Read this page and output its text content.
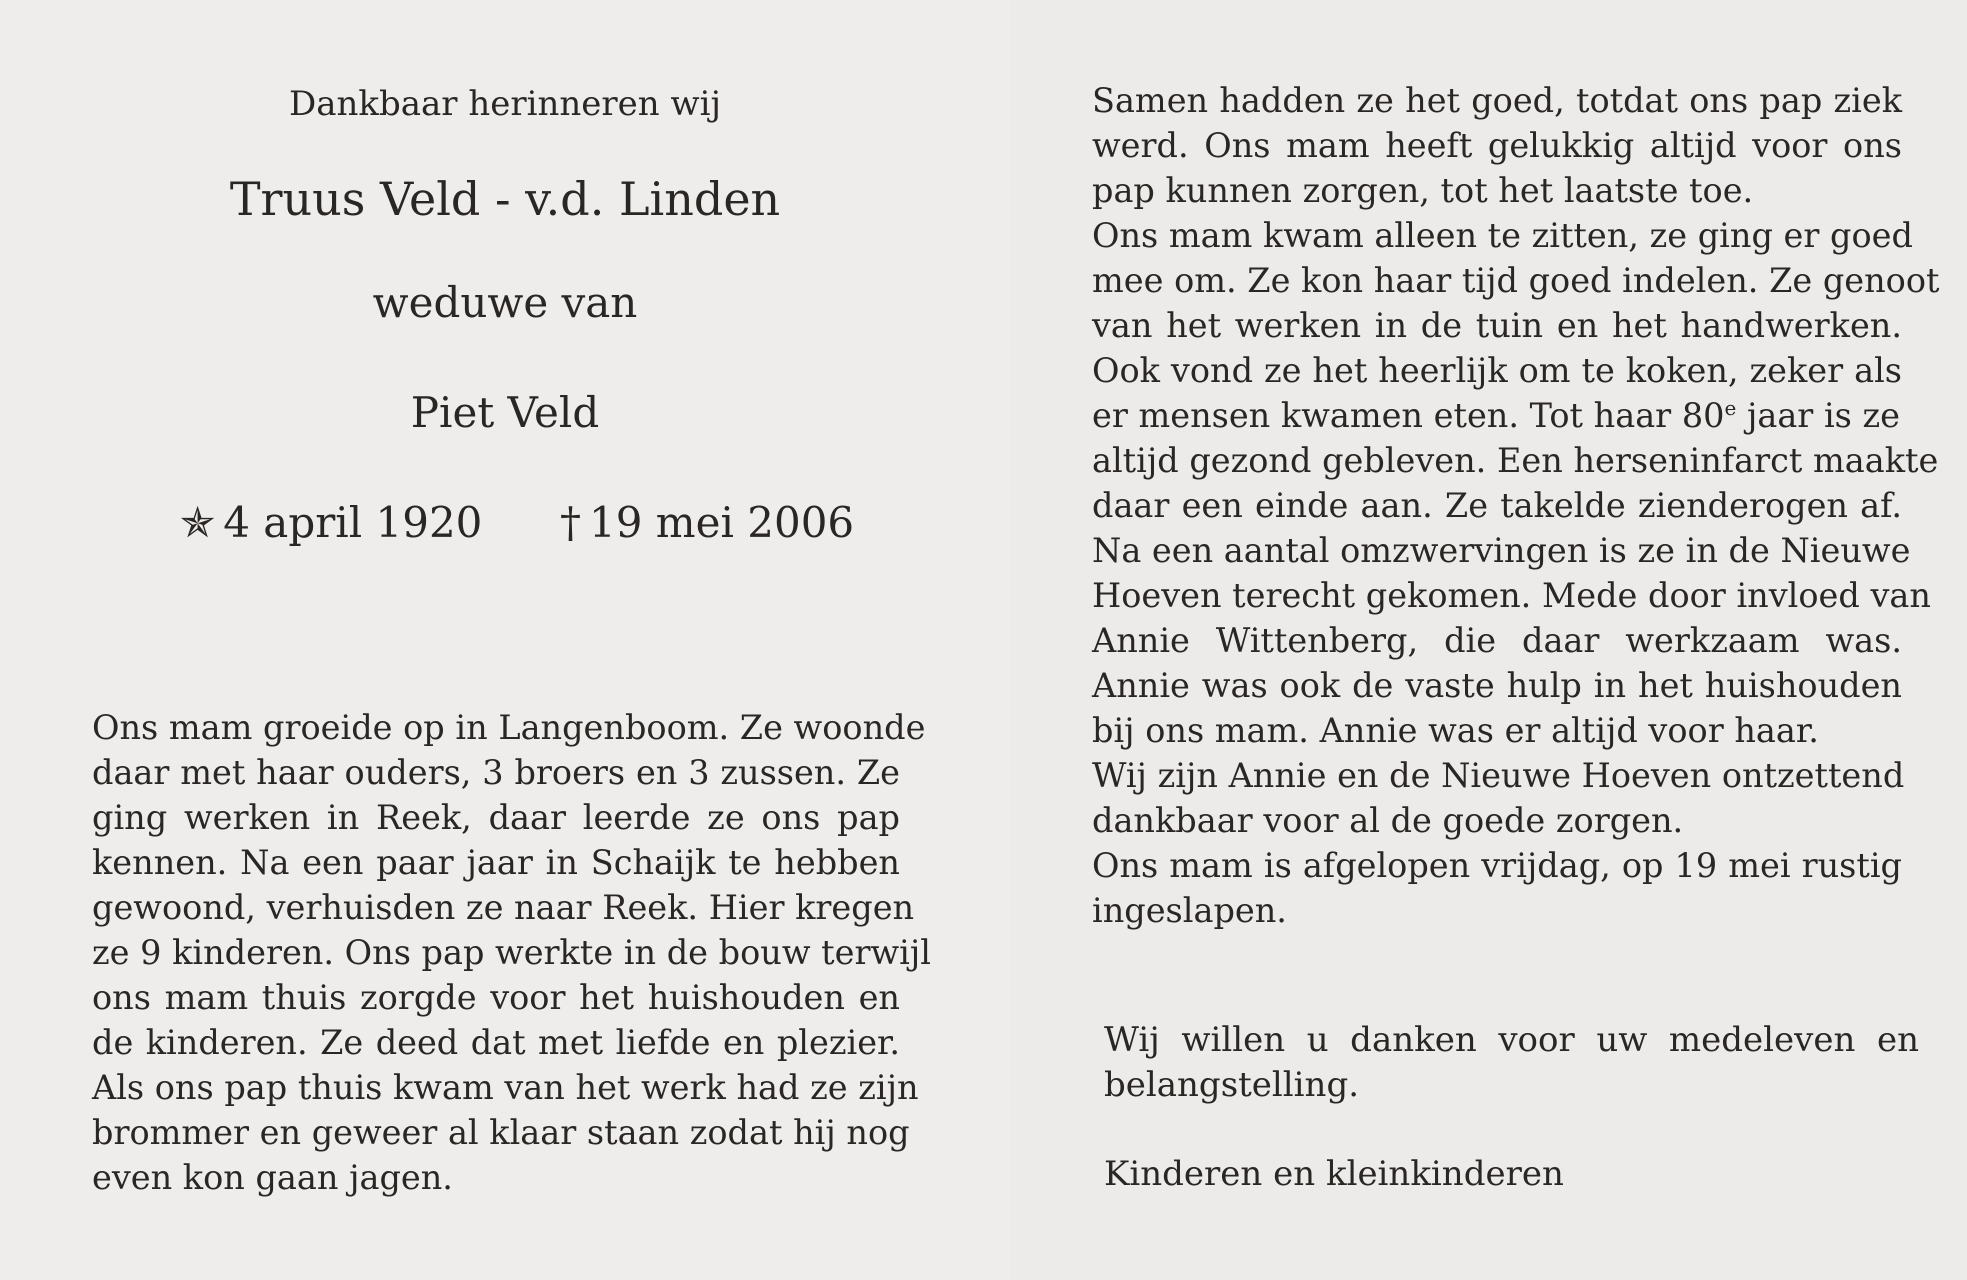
Dankbaar herinneren wij
Truus Veld - v.d. Linden
weduwe van
Piet Veld
✯ 4 april 1920 † 19 mei 2006
Ons mam groeide op in Langenboom. Ze woonde
daar met haar ouders, 3 broers en 3 zussen. Ze
ging werken in Reek, daar leerde ze ons pap
kennen. Na een paar jaar in Schaijk te hebben
gewoond, verhuisden ze naar Reek. Hier kregen
ze 9 kinderen. Ons pap werkte in de bouw terwijl
ons mam thuis zorgde voor het huishouden en
de kinderen. Ze deed dat met liefde en plezier.
Als ons pap thuis kwam van het werk had ze zijn
brommer en geweer al klaar staan zodat hij nog
even kon gaan jagen.
Samen hadden ze het goed, totdat ons pap ziek
werd. Ons mam heeft gelukkig altijd voor ons
pap kunnen zorgen, tot het laatste toe.
Ons mam kwam alleen te zitten, ze ging er goed
mee om. Ze kon haar tijd goed indelen. Ze genoot
van het werken in de tuin en het handwerken.
Ook vond ze het heerlijk om te koken, zeker als
er mensen kwamen eten. Tot haar 80e jaar is ze
altijd gezond gebleven. Een herseninfarct maakte
daar een einde aan. Ze takelde zienderogen af.
Na een aantal omzwervingen is ze in de Nieuwe
Hoeven terecht gekomen. Mede door invloed van
Annie Wittenberg, die daar werkzaam was.
Annie was ook de vaste hulp in het huishouden
bij ons mam. Annie was er altijd voor haar.
Wij zijn Annie en de Nieuwe Hoeven ontzettend
dankbaar voor al de goede zorgen.
Ons mam is afgelopen vrijdag, op 19 mei rustig
ingeslapen.
Wij willen u danken voor uw medeleven en
belangstelling.
Kinderen en kleinkinderen
